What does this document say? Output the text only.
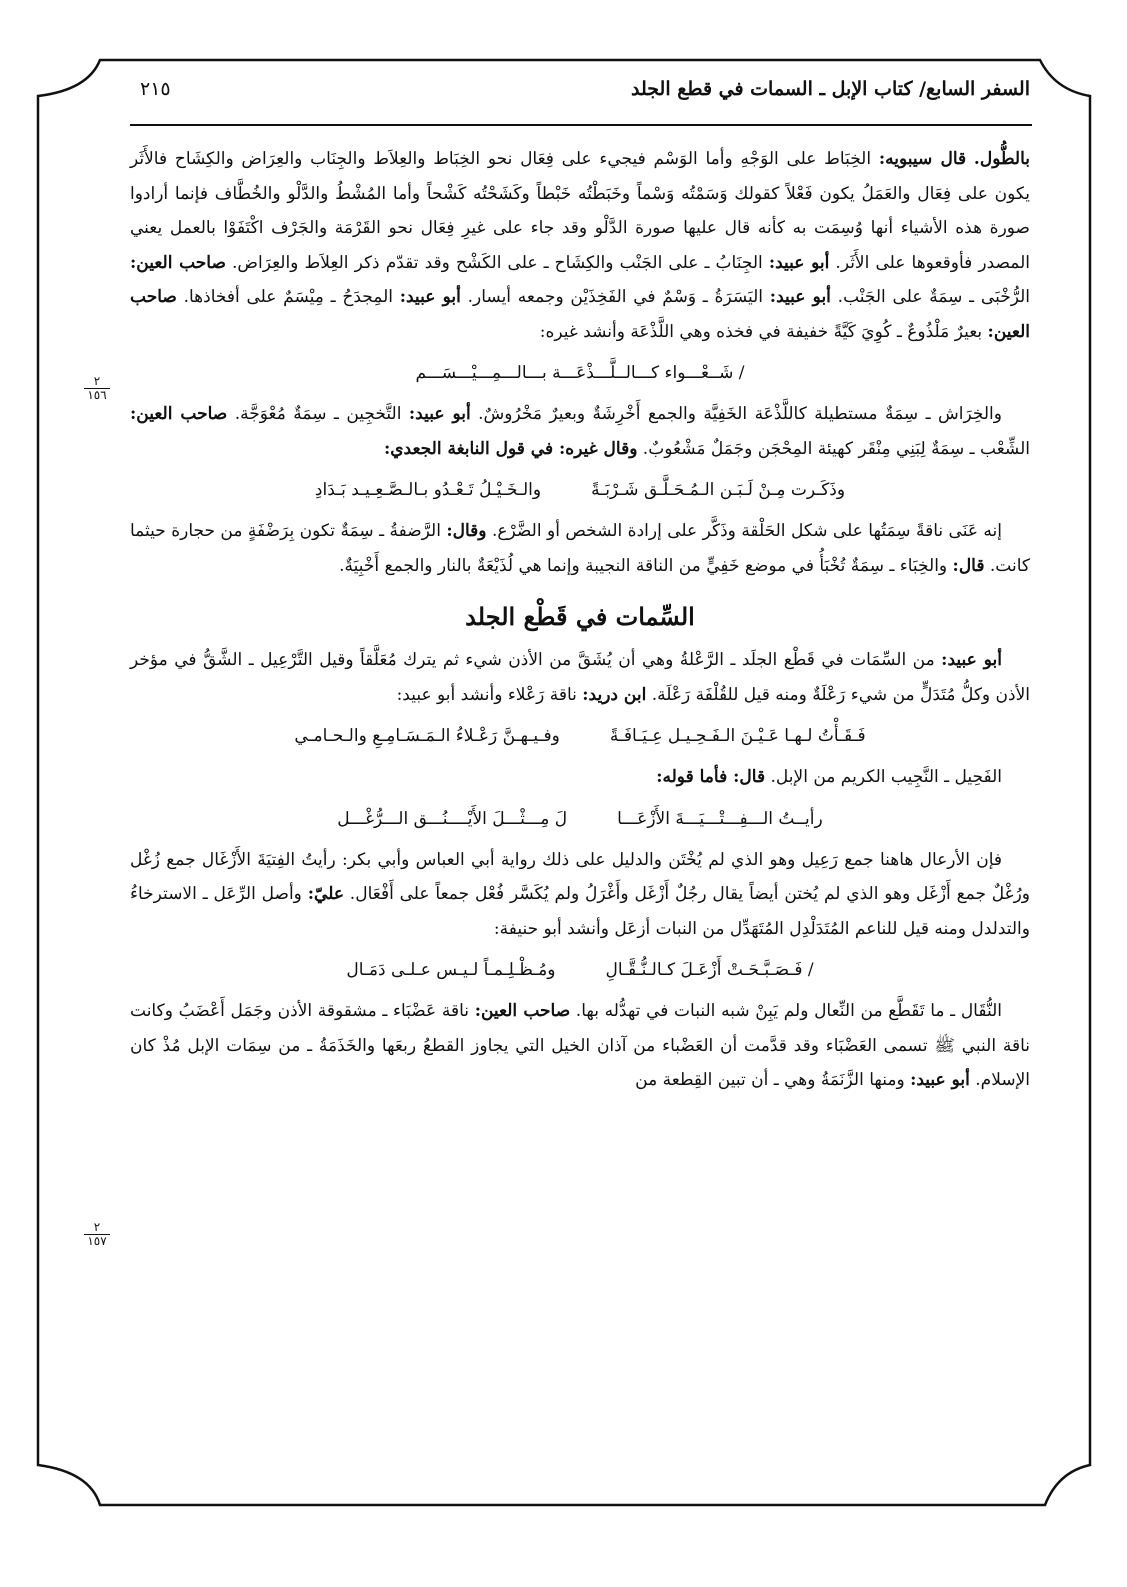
السفر السابع/ كتاب الإبل ـ السمات في قطع الجلد
٢١٥
٢
١٥٦
٢
١٥٧

بالطُّول. قال سيبويه: الخِبَاط على الوَجْهِ وأما الوَسْم فيجيء على فِعَال نحو الخِبَاط والعِلاَط والجِنَاب والعِرَاض والكِشَاح فالأَثَر يكون على فِعَال والعَمَلُ يكون فَعْلاً كقولك وَسَمْتُه وَسْماً وخَبَطْتُه خَبْطاً وكَشَحْتُه كَشْحاً وأما المُشْطُ والدَّلْو والخُطَّاف فإنما أرادوا صورة هذه الأشياء أنها وُسِمَت به كأنه قال عليها صورة الدَّلْو وقد جاء على غيرِ فِعَال نحو القَرْمَة والجَرْف اكْتَفَوْا بالعمل يعني المصدر فأوقعوها على الأَثَر. أبو عبيد: الجِنَابُ ـ على الجَنْب والكِشَاح ـ على الكَشْح وقد تقدّم ذكر العِلاَط والعِرَاض. صاحب العين: الرُّخْبَى ـ سِمَةٌ على الجَنْب. أبو عبيد: اليَسَرَةُ ـ وَسْمٌ في الفَخِذَيْن وجمعه أيسار. أبو عبيد: المِجدَحُ ـ مِيْسَمٌ على أفخاذها. صاحب العين: بعيرٌ مَلْذُوعٌ ـ كُوِيَ كَيَّةً خفيفة في فخذه وهي اللَّذْعَة وأنشد غيره:

/ شَــعْـــواء كـــالــلَّـــذْعَـــة بـــالـــمِـــيْـــسَـــم

والخِرَاش ـ سِمَةٌ مستطيلة كاللَّذْعَة الخَفِيَّة والجمع أَخْرِشَةٌ وبعيرٌ مَخْرُوشٌ. أبو عبيد: التَّخجِين ـ سِمَةٌ مُعْوَجَّة. صاحب العين: الشِّعْب ـ سِمَةٌ لِبَنِي مِنْقَر كهيئة المِحْجَن وجَمَلٌ مَشْعُوبٌ. وقال غيره: في قول النابغة الجعدي:

وذَكَـرت مِـنْ لَـبَـن الـمُـحَـلَّـق شَـرْبَـةًوالـخَـيْـلُ تَـعْـدُو بـالـصَّـعِـيـد بَـدَادِ

إنه عَنَى ناقةً سِمَتُها على شكل الحَلْقة وذَكَّر على إرادة الشخص أو الضَّرْع. وقال: الرَّضفةُ ـ سِمَةٌ تكون بِرَضْفَةٍ من حجارة حيثما كانت. قال: والخِبَاء ـ سِمَةٌ تُخْبَأُ في موضع خَفِيٍّ من الناقة النجيبة وإنما هي لُذَيْعَةٌ بالنار والجمع أَخْبِيَةٌ.

السِّمات في قَطْع الجلد

أبو عبيد: من السِّمَات في قَطْع الجلَد ـ الرَّعْلةُ وهي أن يُشَقَّ من الأذن شيء ثم يترك مُعَلَّقاً وقيل التَّرْعِيل ـ الشَّقُّ في مؤخر الأذن وكلُّ مُتَدَلٍّ من شيء رَعْلَةٌ ومنه قيل للقُلْفَة رَعْلَة. ابن دريد: ناقة رَعْلاء وأنشد أبو عبيد:

فَـقَـأْتُ لـهـا عَـيْـنَ الـفَـحِـيـل عِـيَـافَـةًوفـيـهـنَّ رَعْـلاءُ الـمَـسَـامِـعِ والـحـامـي

الفَحِيل ـ النَّجِيب الكريم من الإبل. قال: فأما قوله:

رأيــتُ الـــفِـــتْـــيَـــةَ الأَزْعَـــالَ مِـــثْـــلَ الأَيْــــنُـــق الـــرُّغْـــل

فإن الأرعال هاهنا جمع رَعِيل وهو الذي لم يُخْتَن والدليل على ذلك رواية أبي العباس وأبي بكر: رأيتُ الفِتيَةَ الأَزْغَال جمع زُغْل ورُغْلٌ جمع أَزْغَل وهو الذي لم يُختن أيضاً يقال رجُلٌ أَزْغَل وأَغْرَلُ ولم يُكَسَّر فُعْل جمعاً على أَفْعَال. عليّ: وأصل الرِّعَل ـ الاسترخاءُ والتدلدل ومنه قيل للناعم المُتَدَلْدِل المُتَهَدِّل من النبات أزعَل وأنشد أبو حنيفة:

/ فَـصَـبَّـحَـتْ أَزْعَـلَ كـالـنُّـقَّـالِومُـظْـلِـمـاً لـيـس عـلـى دَمَـال

النُّقَال ـ ما تَقَطَّع من النِّعال ولم يَبِنْ شبه النبات في تهدُّله بها. صاحب العين: ناقة عَضْبَاء ـ مشقوقة الأذن وجَمَل أَعْضَبُ وكانت ناقة النبي ﷺ تسمى العَضْبَاء وقد قدَّمت أن العَضْباء من آذان الخيل التي يجاوز القطعُ ربعَها والخَذَمَةُ ـ من سِمَات الإبل مُذْ كان الإسلام. أبو عبيد: ومنها الزَّنَمَةُ وهي ـ أن تبين القِطعة من
